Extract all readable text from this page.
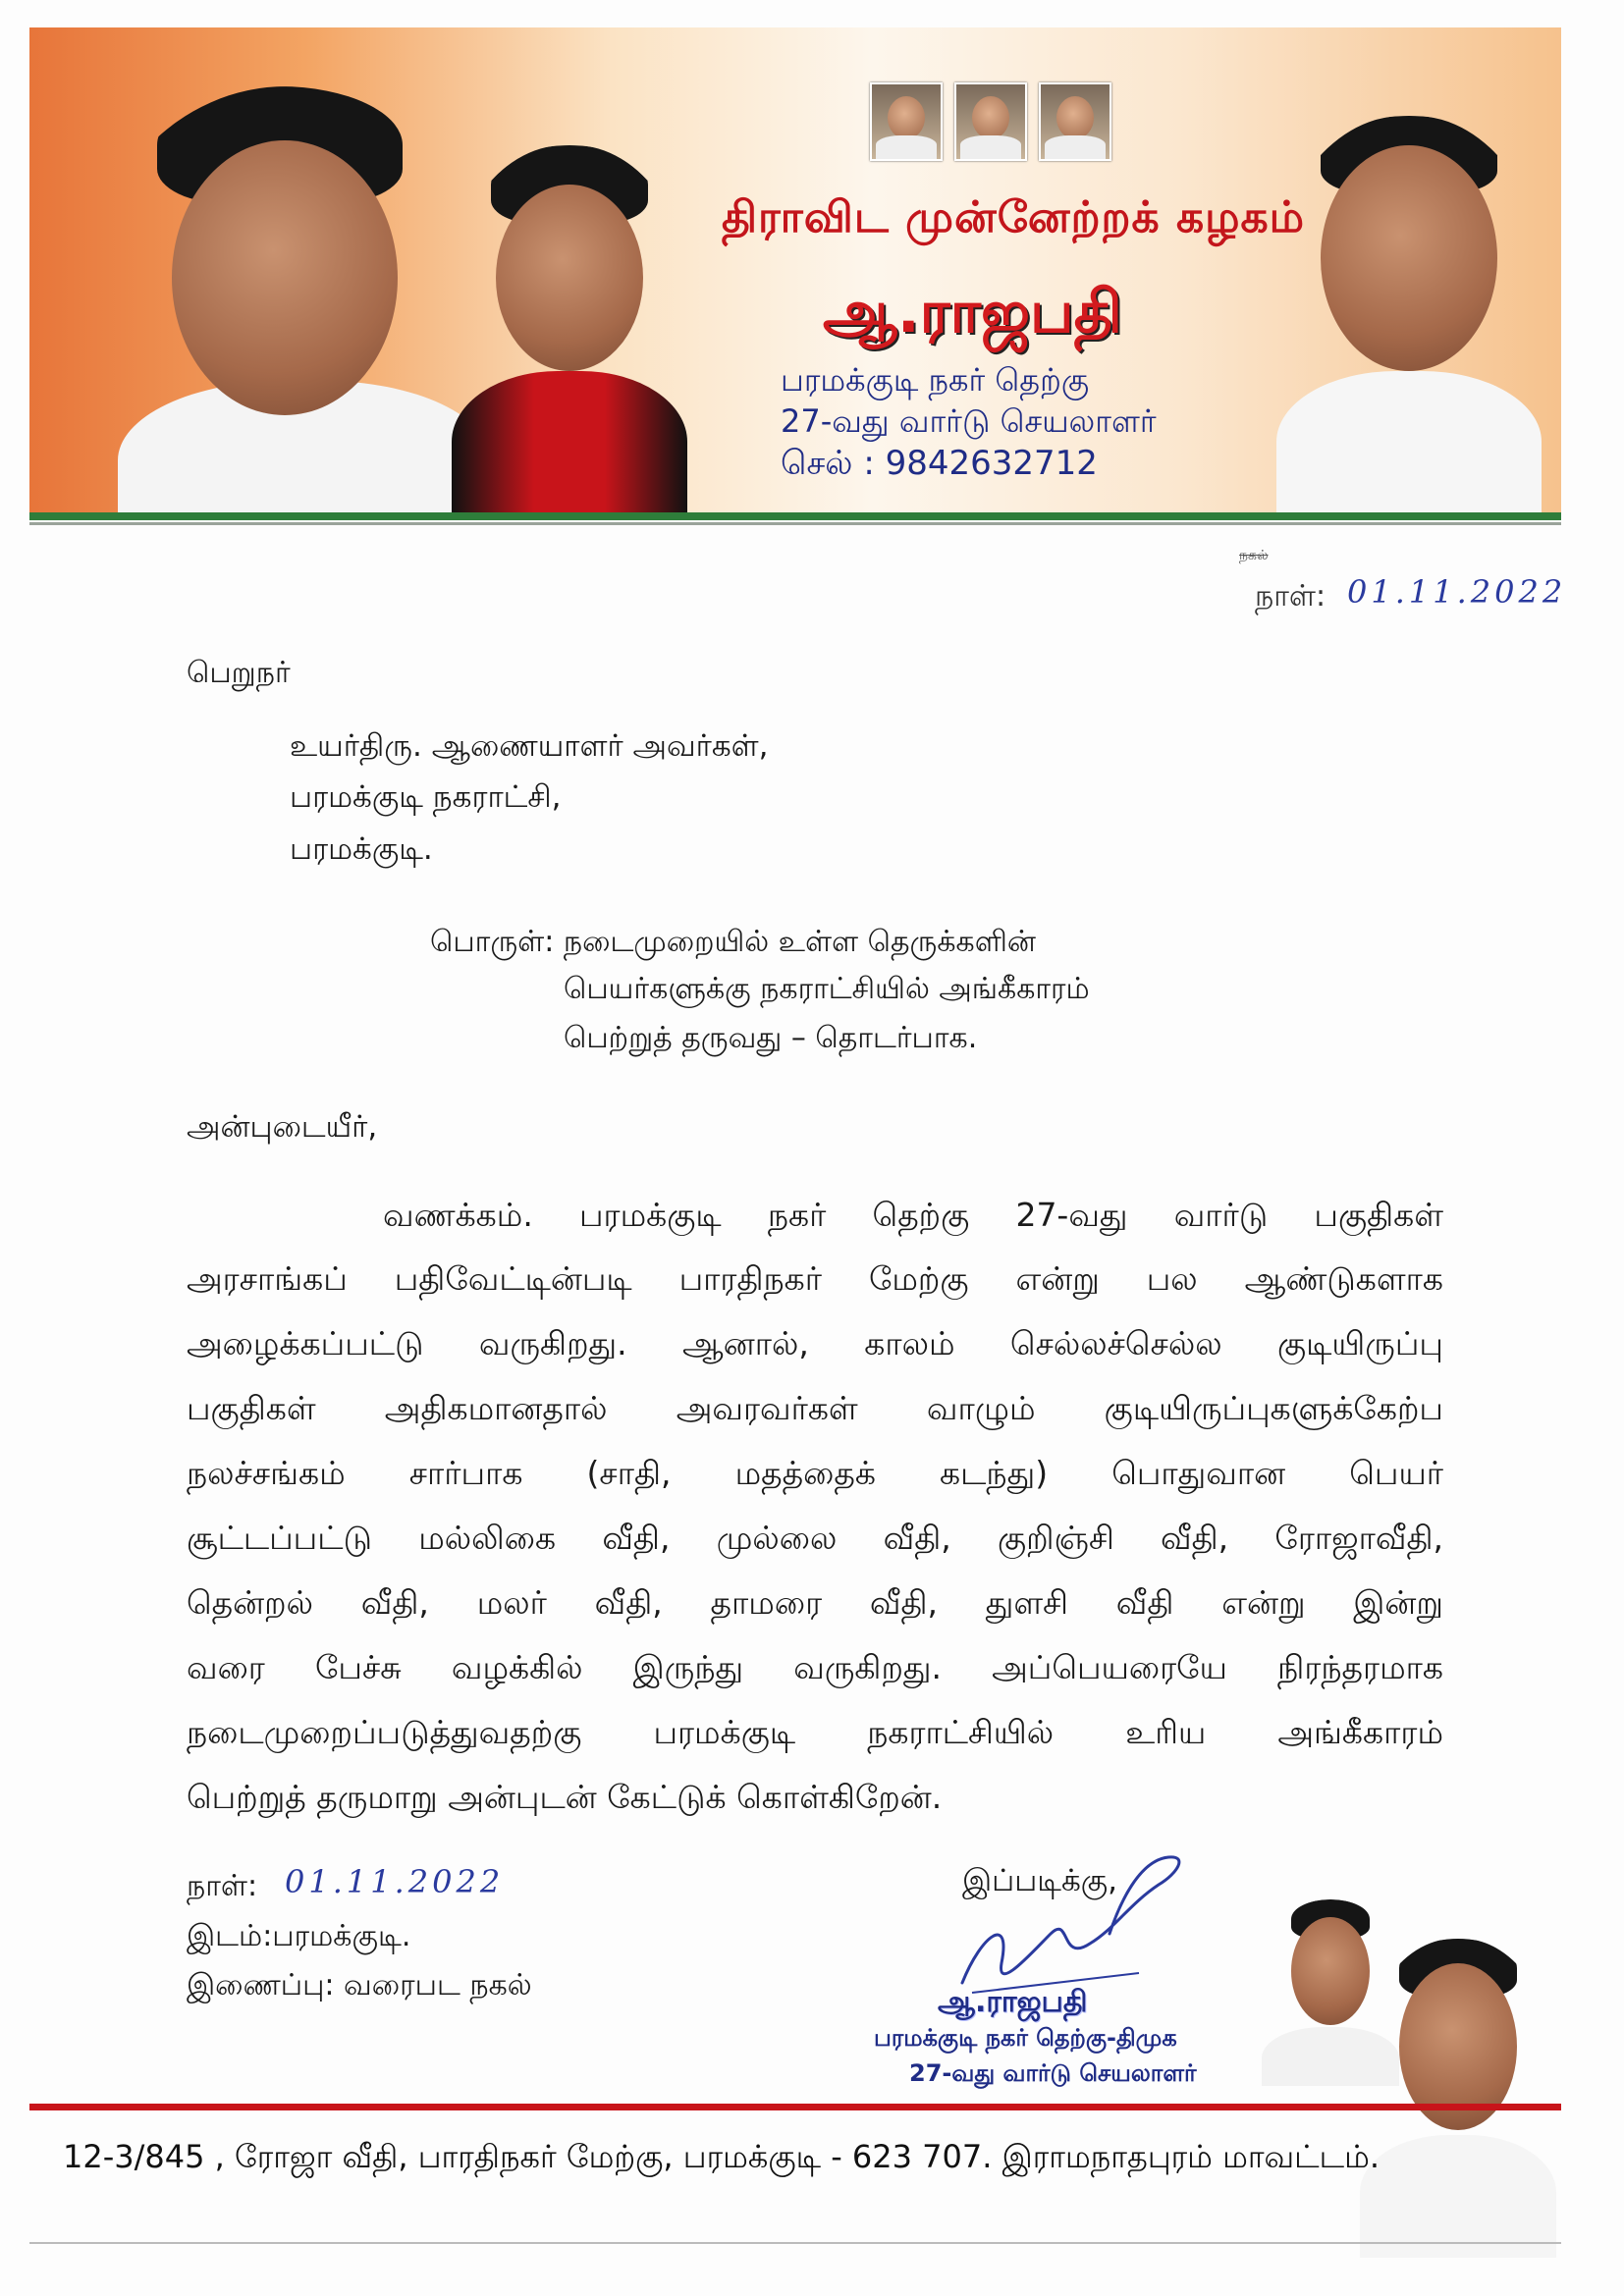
திராவிட முன்னேற்றக் கழகம்
ஆ.ராஜபதி
பரமக்குடி நகர் தெற்கு
27-வது வார்டு செயலாளர்
செல் : 9842632712
நகல்
நாள்: 01.11.2022
பெறுநர்
உயர்திரு. ஆணையாளர் அவர்கள்,
பரமக்குடி நகராட்சி,
பரமக்குடி.
பொருள்: நடைமுறையில் உள்ள தெருக்களின்
பெயர்களுக்கு நகராட்சியில் அங்கீகாரம்
பெற்றுத் தருவது – தொடர்பாக.
அன்புடையீர்,
வணக்கம். பரமக்குடி நகர் தெற்கு 27-வது வார்டு பகுதிகள்
அரசாங்கப் பதிவேட்டின்படி பாரதிநகர் மேற்கு என்று பல ஆண்டுகளாக
அழைக்கப்பட்டு வருகிறது. ஆனால், காலம் செல்லச்செல்ல குடியிருப்பு
பகுதிகள் அதிகமானதால் அவரவர்கள் வாழும் குடியிருப்புகளுக்கேற்ப
நலச்சங்கம் சார்பாக (சாதி, மதத்தைக் கடந்து) பொதுவான பெயர்
சூட்டப்பட்டு மல்லிகை வீதி, முல்லை வீதி, குறிஞ்சி வீதி, ரோஜாவீதி,
தென்றல் வீதி, மலர் வீதி, தாமரை வீதி, துளசி வீதி என்று இன்று
வரை பேச்சு வழக்கில் இருந்து வருகிறது. அப்பெயரையே நிரந்தரமாக
நடைமுறைப்படுத்துவதற்கு பரமக்குடி நகராட்சியில் உரிய அங்கீகாரம்
பெற்றுத் தருமாறு அன்புடன் கேட்டுக் கொள்கிறேன்.
நாள்: 01.11.2022
இடம்:பரமக்குடி.
இணைப்பு: வரைபட நகல்
இப்படிக்கு,
ஆ.ராஜபதி
பரமக்குடி நகர் தெற்கு-திமுக
27-வது வார்டு செயலாளர்
12-3/845 , ரோஜா வீதி, பாரதிநகர் மேற்கு, பரமக்குடி - 623 707. இராமநாதபுரம் மாவட்டம்.
